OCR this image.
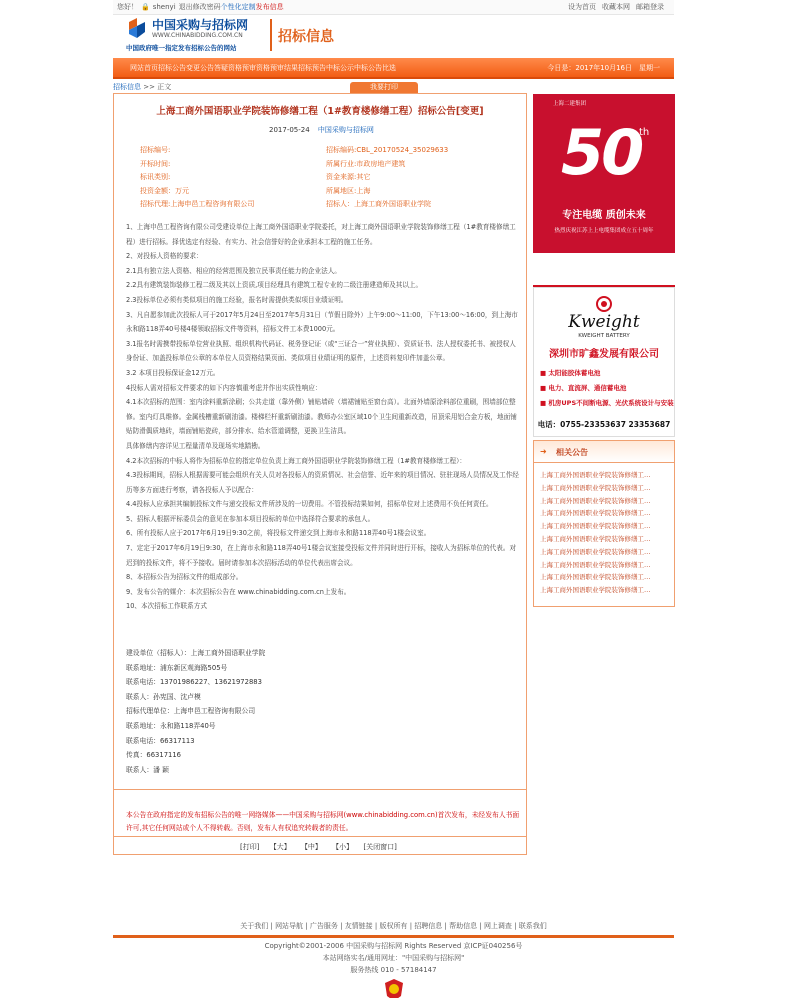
您好！ 🔒 shenyi 退出修改密码个性化定制发布信息	设为首页 收藏本网 邮箱登录
中国采购与招标网
WWW.CHINABIDDING.COM.CN
中国政府唯一指定发布招标公告的网站
招标信息
网站首页招标公告变更公告答疑资格预审资格预审结果招标预告中标公示中标公告比选	今日是：2017年10月16日　星期一
招标信息 >> 正文	我要打印
上海工商外国语职业学院装饰修缮工程（1#教育楼修缮工程）招标公告[变更]
2017-05-24 中国采购与招标网
招标编号:	招标编码:CBL_20170524_35029633
开标时间:	所属行业:市政房地产建筑
标讯类别:	资金来源:其它
投资金额：万元	所属地区:上海
招标代理:上海申邑工程咨询有限公司	招标人：上海工商外国语职业学院
1、上海申邑工程咨询有限公司受建设单位上海工商外国语职业学院委托，对上海工商外国语职业学院装饰修缮工程（1#教育楼修缮工程）进行招标。择优选定有经验、有实力、社会信誉好的企业承担本工程的施工任务。
2、对投标人资格的要求：
2.1具有独立法人资格、相应的经营范围及独立民事责任能力的企业法人。
2.2具有建筑装饰装修工程二级及其以上资质,项目经理具有建筑工程专业的二级注册建造师及其以上。
2.3投标单位必须有类似项目的施工经验，报名时需提供类似项目业绩证明。
3、凡自愿参加此次投标人可于2017年5月24日至2017年5月31日（节假日除外）上午9:00～11:00，下午13:00～16:00，到上海市永和路118弄40号楼4楼领取招标文件等资料，招标文件工本费1000元。
3.1报名时需携带投标单位营业执照、组织机构代码证、税务登记证（或“三证合一”营业执照）、资质证书、法人授权委托书、被授权人身份证、加盖投标单位公章的本单位人员资格结果页面、类似项目业绩证明的原件，上述资料复印件加盖公章。
3.2 本项目投标保证金12万元。
4投标人需对招标文件要求的如下内容慎重考虑并作出实质性响应：
4.1本次招标的范围：室内涂料重新涂刷；公共走道（靠外侧）铺贴墙砖（墙裙铺贴至窗台高）。北面外墙原涂料部位重刷，围墙部位整修。室内灯具维修。金属栈槽重新刷油漆。楼梯栏杆重新刷油漆。教师办公室区域10个卫生间重新改造，吊顶采用铝合金方板，地面铺贴防滑偶质地砖，墙面铺贴瓷砖，部分排水、给水管道调整，更换卫生洁具。
具体修缮内容详见工程量清单及现场实地踏勘。
4.2本次招标的中标人将作为招标单位的指定单位负责上海工商外国语职业学院装饰修缮工程（1#教育楼修缮工程）：
4.3投标期间，招标人根据需要可能会组织有关人员对各投标人的资质情况、社会信誉、近年来的项目情况、驻驻现场人员情况及工作经历等多方面进行考察，请各投标人予以配合：
4.4投标人应承担其编制投标文件与递交投标文件所涉及的一切费用。不管投标结果如何，招标单位对上述费用不负任何责任。
5、招标人根据评标委员会的意见在参加本项目投标的单位中选择符合要求的承包人。
6、所有投标人应于2017年6月19日9:30之前，将投标文件递交到上海市永和路118弄40号1楼会议室。
7、定定于2017年6月19日9:30，在上海市永和路118弄40号1楼会议室接受投标文件并同时进行开标，接收人为招标单位的代表。对迟到的投标文件，将不予接收。届时请参加本次招标活动的单位代表出席会议。
8、本招标公告为招标文件的组成部分。
9、发布公告的媒介：本次招标公告在 www.chinabidding.com.cn上发布。
10、本次招标工作联系方式
建设单位（招标人）：上海工商外国语职业学院
联系地址：浦东新区观海路505号
联系电话：13701986227、13621972883
联系人：孙宪国、沈卢模
招标代理单位：上海申邑工程咨询有限公司
联系地址：永和路118弄40号
联系电话：66317113
传真：66317116
联系人：潘 颖
本公告在政府指定的发布招标公告的唯一网络媒体——中国采购与招标网(www.chinabidding.com.cn)首次发布，未经发布人书面许可,其它任何网站或个人不得转载。否则，发布人有权追究转载者的责任。
[打印] 【大】 【中】 【小】 [关闭窗口]
上海二建集团
50
th
专注电缆 质创未来
热烈庆祝江苏上上电缆集团成立五十周年
Kweight
KWEIGHT BATTERY
深圳市旷鑫发展有限公司
■ 太阳能胶体蓄电池
■ 电力、直流屏、通信蓄电池
■ 机房UPS不间断电源、光伏系统设计与安装
电话：0755-23353637 23353687
➜ 相关公告
上海工商外国语职业学院装饰修缮工…
上海工商外国语职业学院装饰修缮工…
上海工商外国语职业学院装饰修缮工…
上海工商外国语职业学院装饰修缮工…
上海工商外国语职业学院装饰修缮工…
上海工商外国语职业学院装饰修缮工…
上海工商外国语职业学院装饰修缮工…
上海工商外国语职业学院装饰修缮工…
上海工商外国语职业学院装饰修缮工…
上海工商外国语职业学院装饰修缮工…
关于我们 | 网站导航 | 广告服务 | 友情链接 | 版权所有 | 招聘信息 | 帮助信息 | 网上调查 | 联系我们
Copyright©2001-2006 中国采购与招标网 Rights Reserved 京ICP证040256号
本站网络实名/通用网址："中国采购与招标网"
服务热线 010 - 57184147
